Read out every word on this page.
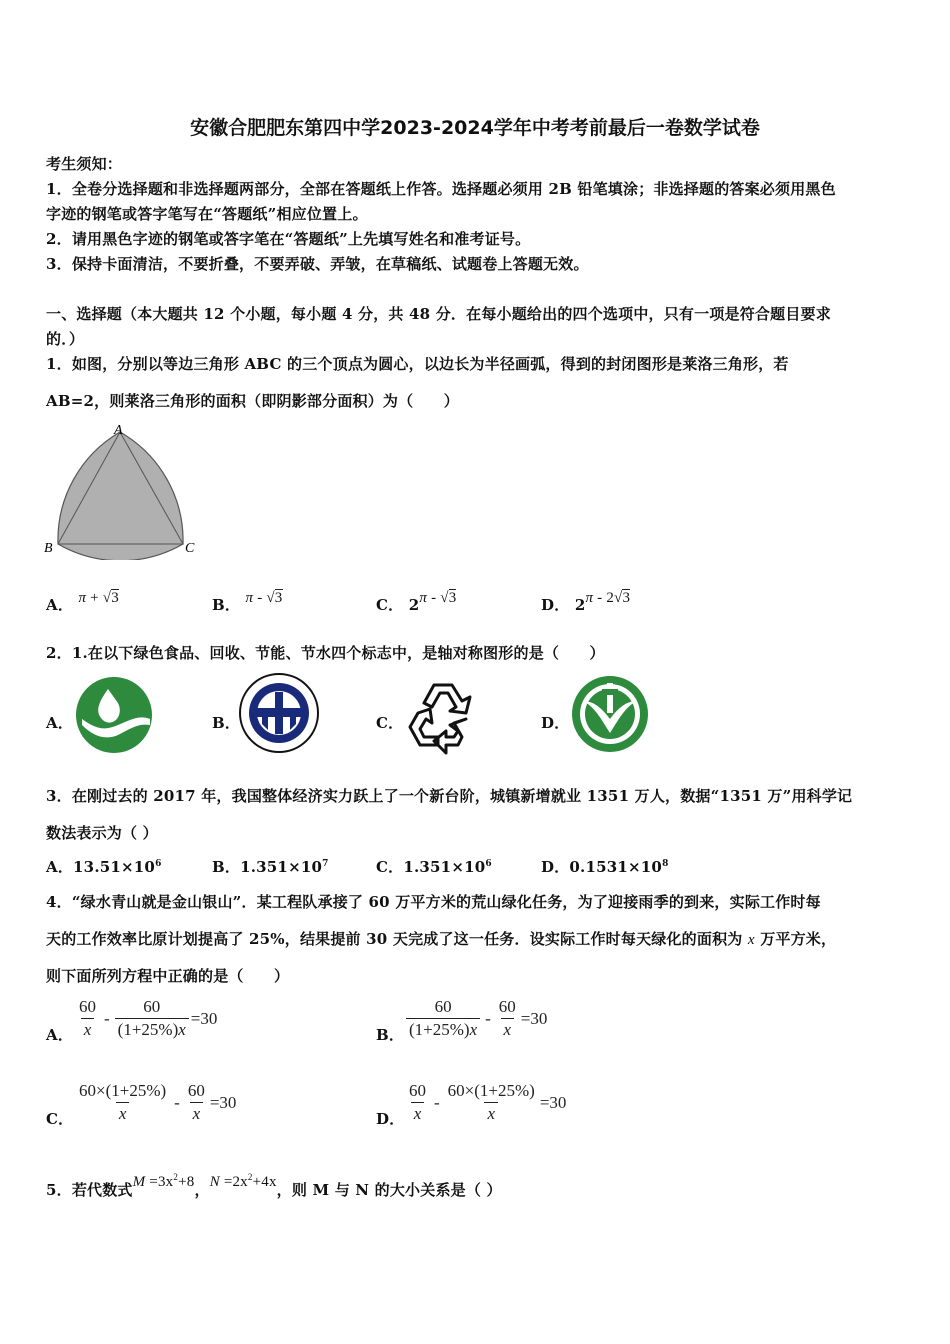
安徽合肥肥东第四中学2023-2024学年中考考前最后一卷数学试卷
考生须知：
1．全卷分选择题和非选择题两部分，全部在答题纸上作答。选择题必须用 2B 铅笔填涂；非选择题的答案必须用黑色
字迹的钢笔或答字笔写在“答题纸”相应位置上。
2．请用黑色字迹的钢笔或答字笔在“答题纸”上先填写姓名和准考证号。
3．保持卡面清洁，不要折叠，不要弄破、弄皱，在草稿纸、试题卷上答题无效。
一、选择题（本大题共 12 个小题，每小题 4 分，共 48 分．在每小题给出的四个选项中，只有一项是符合题目要求
的．）
1．如图，分别以等边三角形 ABC 的三个顶点为圆心，以边长为半径画弧，得到的封闭图形是莱洛三角形，若
AB=2，则莱洛三角形的面积（即阴影部分面积）为（　　）
A
B	C
A． π + √3	B． π - √3	C． 2π - √3	D． 2π - 2√3
2．1.在以下绿色食品、回收、节能、节水四个标志中，是轴对称图形的是（　　）
A．	B．	C．	D．
3．在刚过去的 2017 年，我国整体经济实力跃上了一个新台阶，城镇新增就业 1351 万人，数据“1351 万”用科学记
数法表示为（ ）
A．$13.51\times 10^6$	B．$1.351\times 10^7$	C．$1.351\times 10^6$	D．$0.1531\times 10^8$
4．“绿水青山就是金山银山”．某工程队承接了 60 万平方米的荒山绿化任务，为了迎接雨季的到来，实际工作时每
天的工作效率比原计划提高了 25%，结果提前 30 天完成了这一任务．设实际工作时每天绿化的面积为 x 万平方米，
则下面所列方程中正确的是（　　）
A． $\frac{60}{x} - \frac{60}{(1+25\%)x} =30$
B． $\frac{60}{(1+25\%)x} - \frac{60}{x} =30$
C． $\frac{60\times(1+25\%)}{x} - \frac{60}{x} =30$
D． $\frac{60}{x} - \frac{60\times(1+25\%)}{x} =30$
5．若代数式$M =3x^2+8$，$N =2x^2+4x$，则 M 与 N 的大小关系是（ ）
